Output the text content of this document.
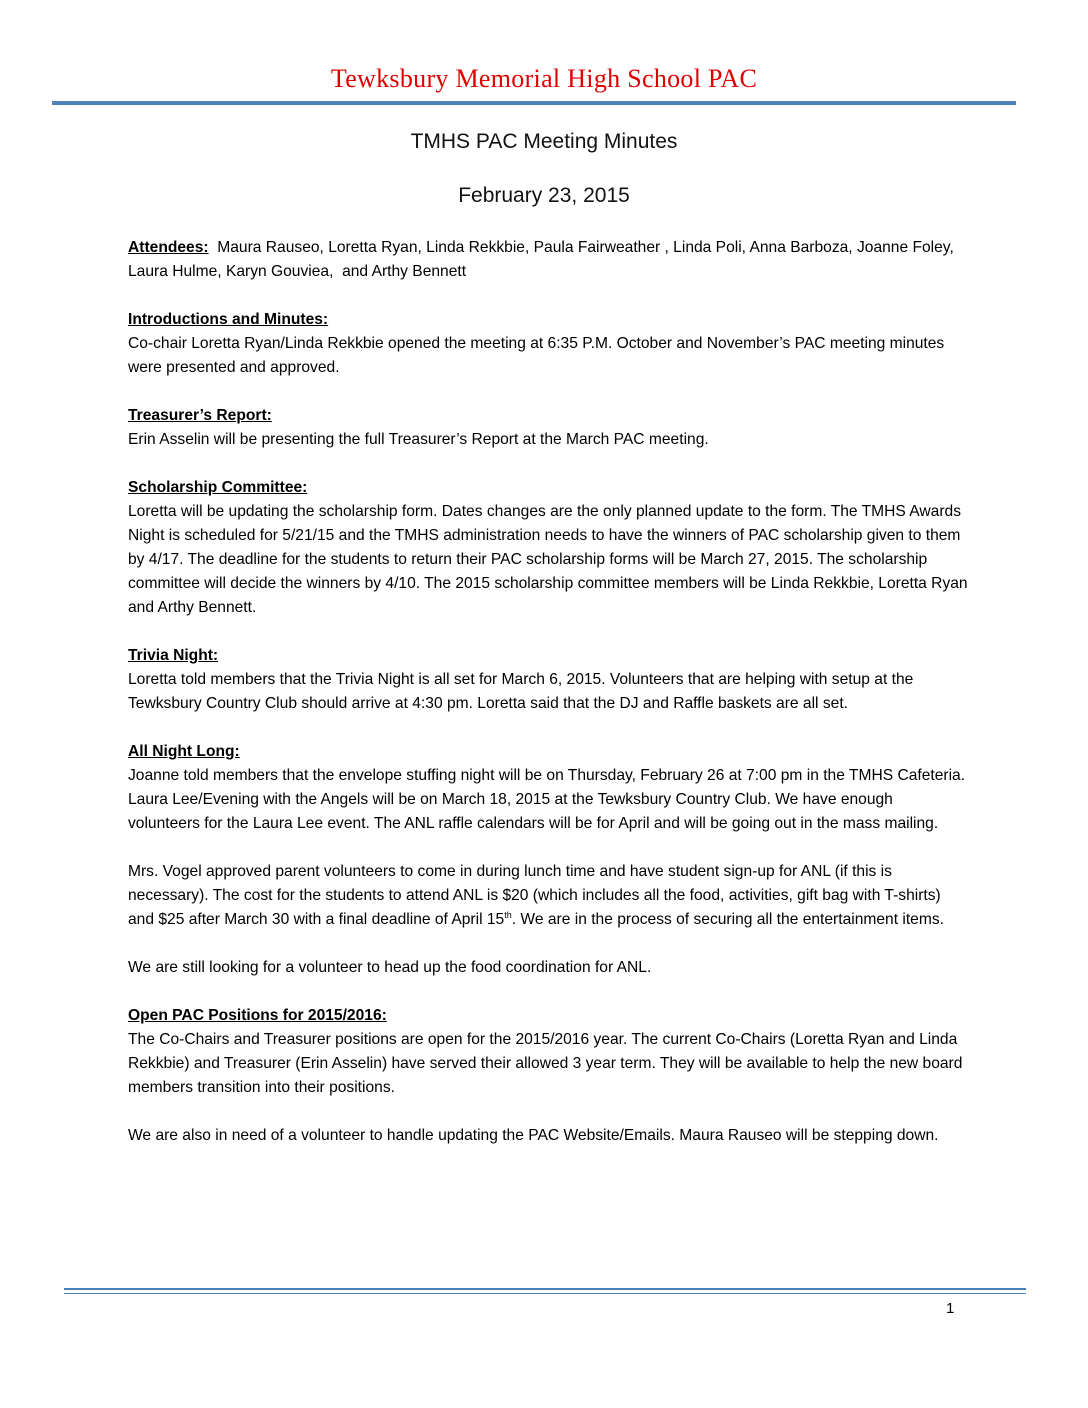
Tewksbury Memorial High School PAC
TMHS PAC Meeting Minutes
February 23, 2015

Attendees:  Maura Rauseo, Loretta Ryan, Linda Rekkbie, Paula Fairweather , Linda Poli, Anna Barboza, Joanne Foley, Laura Hulme, Karyn Gouviea,  and Arthy Bennett

Introductions and Minutes:

Co-chair Loretta Ryan/Linda Rekkbie opened the meeting at 6:35 P.M. October and November’s PAC meeting minutes were presented and approved.

Treasurer’s Report:

Erin Asselin will be presenting the full Treasurer’s Report at the March PAC meeting.

Scholarship Committee:

Loretta will be updating the scholarship form. Dates changes are the only planned update to the form. The TMHS Awards Night is scheduled for 5/21/15 and the TMHS administration needs to have the winners of PAC scholarship given to them by 4/17. The deadline for the students to return their PAC scholarship forms will be March 27, 2015. The scholarship committee will decide the winners by 4/10. The 2015 scholarship committee members will be Linda Rekkbie, Loretta Ryan and Arthy Bennett.

Trivia Night:

Loretta told members that the Trivia Night is all set for March 6, 2015. Volunteers that are helping with setup at the Tewksbury Country Club should arrive at 4:30 pm. Loretta said that the DJ and Raffle baskets are all set.

All Night Long:

Joanne told members that the envelope stuffing night will be on Thursday, February 26 at 7:00 pm in the TMHS Cafeteria. Laura Lee/Evening with the Angels will be on March 18, 2015 at the Tewksbury Country Club. We have enough volunteers for the Laura Lee event. The ANL raffle calendars will be for April and will be going out in the mass mailing.

Mrs. Vogel approved parent volunteers to come in during lunch time and have student sign-up for ANL (if this is necessary). The cost for the students to attend ANL is $20 (which includes all the food, activities, gift bag with T-shirts) and $25 after March 30 with a final deadline of April 15th. We are in the process of securing all the entertainment items.

We are still looking for a volunteer to head up the food coordination for ANL.

Open PAC Positions for 2015/2016:

The Co-Chairs and Treasurer positions are open for the 2015/2016 year. The current Co-Chairs (Loretta Ryan and Linda Rekkbie) and Treasurer (Erin Asselin) have served their allowed 3 year term. They will be available to help the new board members transition into their positions.

We are also in need of a volunteer to handle updating the PAC Website/Emails. Maura Rauseo will be stepping down.

1
